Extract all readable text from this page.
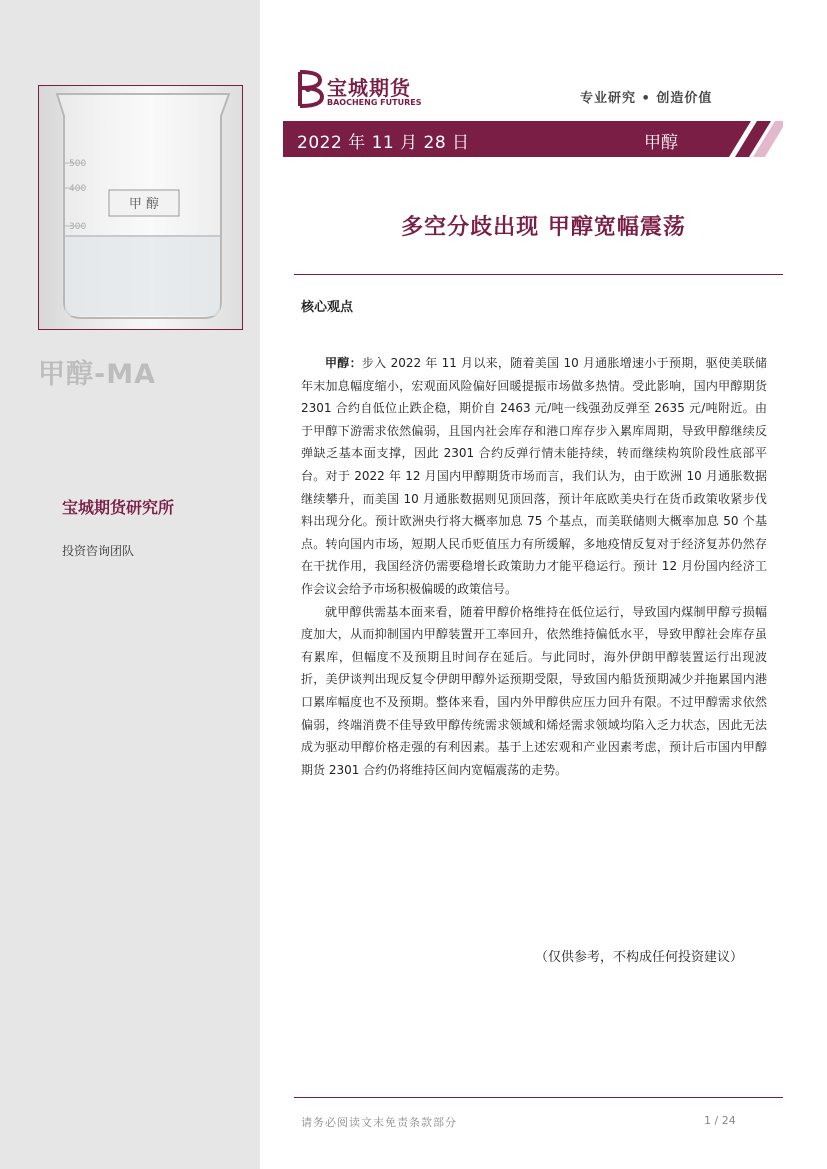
甲 醇
500
400
300
甲醇-MA
宝城期货研究所
投资咨询团队
宝城期货
BAOCHENG FUTURES	专业研究 • 创造价值
2022 年 11 月 28 日	甲醇
多空分歧出现 甲醇宽幅震荡
核心观点

甲醇：步入 2022 年 11 月以来，随着美国 10 月通胀增速小于预期，驱使美联储年末加息幅度缩小，宏观面风险偏好回暖提振市场做多热情。受此影响，国内甲醇期货 2301 合约自低位止跌企稳，期价自 2463 元/吨一线强劲反弹至 2635 元/吨附近。由于甲醇下游需求依然偏弱，且国内社会库存和港口库存步入累库周期，导致甲醇继续反弹缺乏基本面支撑，因此 2301 合约反弹行情未能持续，转而继续构筑阶段性底部平台。对于 2022 年 12 月国内甲醇期货市场而言，我们认为，由于欧洲 10 月通胀数据继续攀升，而美国 10 月通胀数据则见顶回落，预计年底欧美央行在货币政策收紧步伐料出现分化。预计欧洲央行将大概率加息 75 个基点，而美联储则大概率加息 50 个基点。转向国内市场，短期人民币贬值压力有所缓解，多地疫情反复对于经济复苏仍然存在干扰作用，我国经济仍需要稳增长政策助力才能平稳运行。预计 12 月份国内经济工作会议会给予市场积极偏暖的政策信号。

就甲醇供需基本面来看，随着甲醇价格维持在低位运行，导致国内煤制甲醇亏损幅度加大，从而抑制国内甲醇装置开工率回升，依然维持偏低水平，导致甲醇社会库存虽有累库，但幅度不及预期且时间存在延后。与此同时，海外伊朗甲醇装置运行出现波折，美伊谈判出现反复令伊朗甲醇外运预期受限，导致国内船货预期减少并拖累国内港口累库幅度也不及预期。整体来看，国内外甲醇供应压力回升有限。不过甲醇需求依然偏弱，终端消费不佳导致甲醇传统需求领域和烯烃需求领域均陷入乏力状态，因此无法成为驱动甲醇价格走强的有利因素。基于上述宏观和产业因素考虑，预计后市国内甲醇期货 2301 合约仍将维持区间内宽幅震荡的走势。

（仅供参考，不构成任何投资建议）
请务必阅读文末免责条款部分	1 / 24
